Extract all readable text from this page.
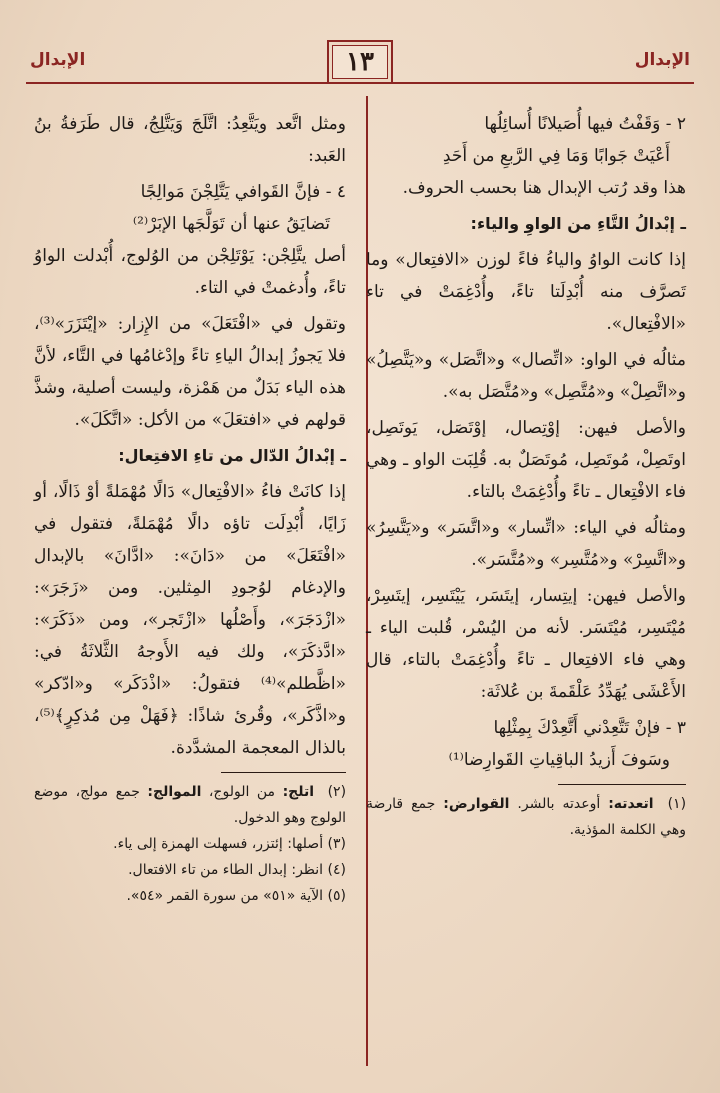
الإبدال
١٣
الإبدال

٢ - وَقَفْتُ فيها أُصَيلانًا أُسائِلُها

أَعْيَتْ جَوابًا وَمَا فِي الرَّبعِ من أَحَدِ

هذا وقد رُتب الإبدال هنا بحسب الحروف.

ـ إبْدالُ التَّاءِ من الواوِ والياء:

إذا كانت الواوُ والياءُ فاءً لوزن «الافتِعال» وما تَصرَّف منه أُبْدِلَتا تاءً، وأُدْغِمَتْ في تاء «الافْتِعال».

مثالُه في الواو: «اتِّصال» و«اتَّصَل» و«يَتَّصِلُ» و«اتَّصِلْ» و«مُتَّصِل» و«مُتَّصَل به».

والأصل فيهن: إوْتِصال، إوْتَصَل، يَوتَصِل، اوتَصِلْ، مُوتَصِل، مُوتَصَلٌ به. قُلِبَت الواو ـ وهي فاء الافْتِعال ـ تاءً وأُدْغِمَتْ بالتاء.

ومثالُه في الياء: «اتِّسار» و«اتَّسَر» و«يَتَّسِرُ» و«اتَّسِرْ» و«مُتَّسِر» و«مُتَّسَر».

والأصل فيهن: إيتِسار، إيتَسَر، يَيْتَسِر، إيتَسِرْ، مُيْتَسِر، مُيْتَسَر. لأنه من اليُسْر، قُلبت الياء ـ وهي فاء الافتِعال ـ تاءً وأُدْغِمَتْ بالتاء، قال الأَعْشَى يُهَدِّدُ عَلْقَمةَ بن عُلاثَة:

٣ - فإنْ تَتَّعِدْني أَتَّعِدْكَ بِمِثْلِها

وسَوفَ أَزيدُ الباقِياتِ القَوارِضا⁽¹⁾

(١) اتعدته: أوعدته بالشر. القوارض: جمع قارضة وهي الكلمة المؤذية.

ومثل اتَّعد ويَتَّعِدُ: اتَّلَجَ وَيَتَّلِجُ، قال طَرَفةُ بنُ العَبد:

٤ - فإنَّ القَوافي يَتَّلِجْنَ مَوالِجًا

تَضايَقُ عنها أن تَوَلَّجَها الإبَرْ⁽²⁾

أصل يتَّلِجْن: يَوْتَلِجْن من الوُلوج، أُبْدلت الواوُ تاءً، وأُدغمتْ في التاء.

وتقول في «افْتَعَلَ» من الإِزار: «إيْتَزَرَ»⁽³⁾، فلا يَجوزُ إبدالُ الياءِ تاءً وإدْغامُها في التَّاء، لأنَّ هذه الياء بَدَلٌ من هَمْزة، وليست أصلية، وشذَّ قولهم في «افتعَلَ» من الأكل: «اتَّكَلَ».

ـ إبْدالُ الدّال من تاءِ الافتِعال:

إذا كانَتْ فاءُ «الافْتِعال» دَالًا مُهْمَلةً أوْ ذَالًا، أو زَايًا، أُبْدِلَت تاؤه دالًا مُهْمَلةً، فتقول في «افْتَعَلَ» من «دَانَ»: «ادَّانَ» بالإبدال والإدغام لوُجودِ المِثلين. ومن «زَجَرَ»: «ازْدَجَرَ»، وأَصْلُها «ازْتَجر»، ومن «ذَكَرَ»: «ادَّذكَرَ»، ولك فيه الأَوجهُ الثَّلاثَةُ في: «اظَّطلم»⁽⁴⁾ فتقولُ: «اذْدَكَر» و«ادّكر» و«اذَّكَر»، وقُرئ شاذًا: ﴿فَهَلْ مِن مُذكِرٍ﴾⁽⁵⁾، بالذال المعجمة المشدَّدة.

(٢) اتلج: من الولوج، الموالج: جمع مولج، موضع الولوج وهو الدخول.

(٣) أصلها: إئتزر، فسهلت الهمزة إلى ياء.

(٤) انظر: إبدال الطاء من تاء الافتعال.

(٥) الآية «٥١» من سورة القمر «٥٤».
